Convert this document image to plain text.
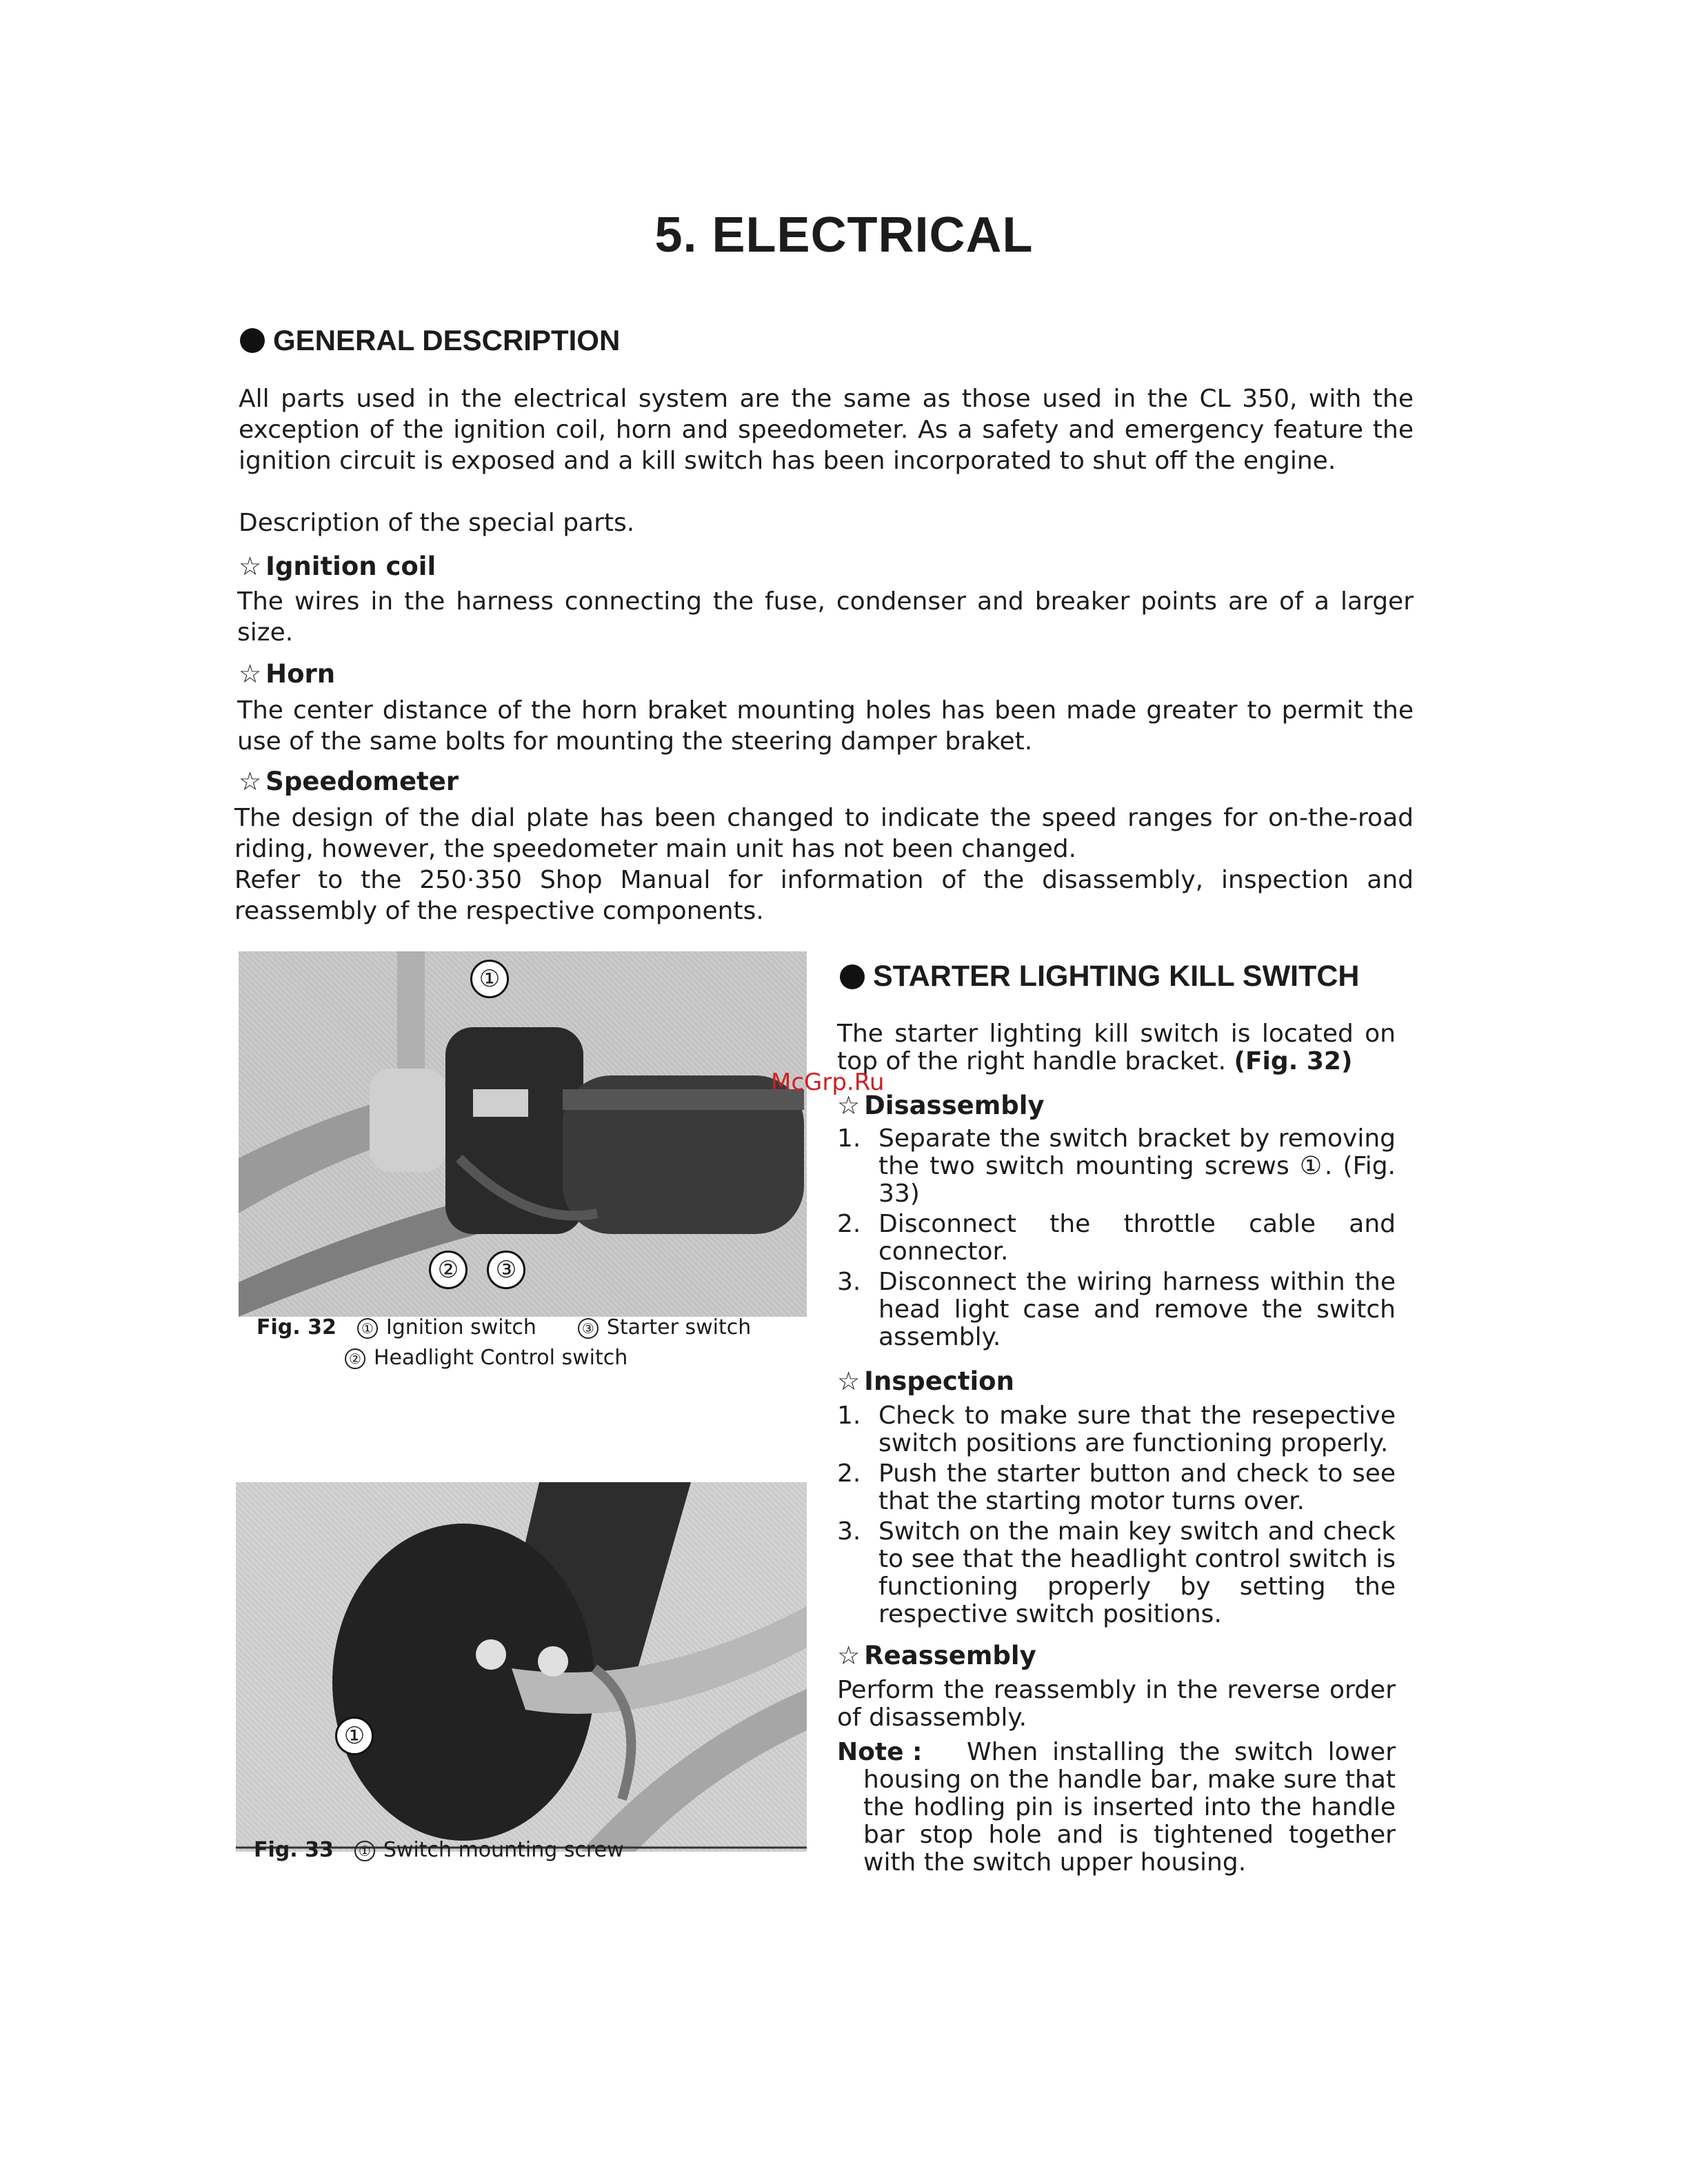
5. ELECTRICAL
GENERAL DESCRIPTION

All parts used in the electrical system are the same as those used in the CL 350, with the exception of the ignition coil, horn and speedometer. As a safety and emergency feature the ignition circuit is exposed and a kill switch has been incorporated to shut off the engine.

Description of the special parts.

☆ Ignition coil

The wires in the harness connecting the fuse, condenser and breaker points are of a larger size.

☆ Horn

The center distance of the horn braket mounting holes has been made greater to permit the use of the same bolts for mounting the steering damper braket.

☆ Speedometer

The design of the dial plate has been changed to indicate the speed ranges for on-the-road riding, however, the speedometer main unit has not been changed.

Refer to the 250·350 Shop Manual for information of the disassembly, inspection and reassembly of the respective components.

①
②	③
Fig. 32 ① Ignition switch	③ Starter switch
② Headlight Control switch
①
Fig. 33 ① Switch mounting screw
STARTER LIGHTING KILL SWITCH

The starter lighting kill switch is located on top of the right handle bracket. (Fig. 32)

McGrp.Ru
☆ Disassembly
1. Separate the switch bracket by removing the two switch mounting screws ①. (Fig. 33)
2. Disconnect the throttle cable and connector.
3. Disconnect the wiring harness within the head light case and remove the switch assembly.
☆ Inspection
1. Check to make sure that the resepective switch positions are functioning properly.
2. Push the starter button and check to see that the starting motor turns over.
3. Switch on the main key switch and check to see that the headlight control switch is functioning properly by setting the respective switch positions.
☆ Reassembly

Perform the reassembly in the reverse order of disassembly.

Note :	When installing the switch lower housing on the handle bar, make sure that the hodling pin is inserted into the handle bar stop hole and is tightened together with the switch upper housing.
